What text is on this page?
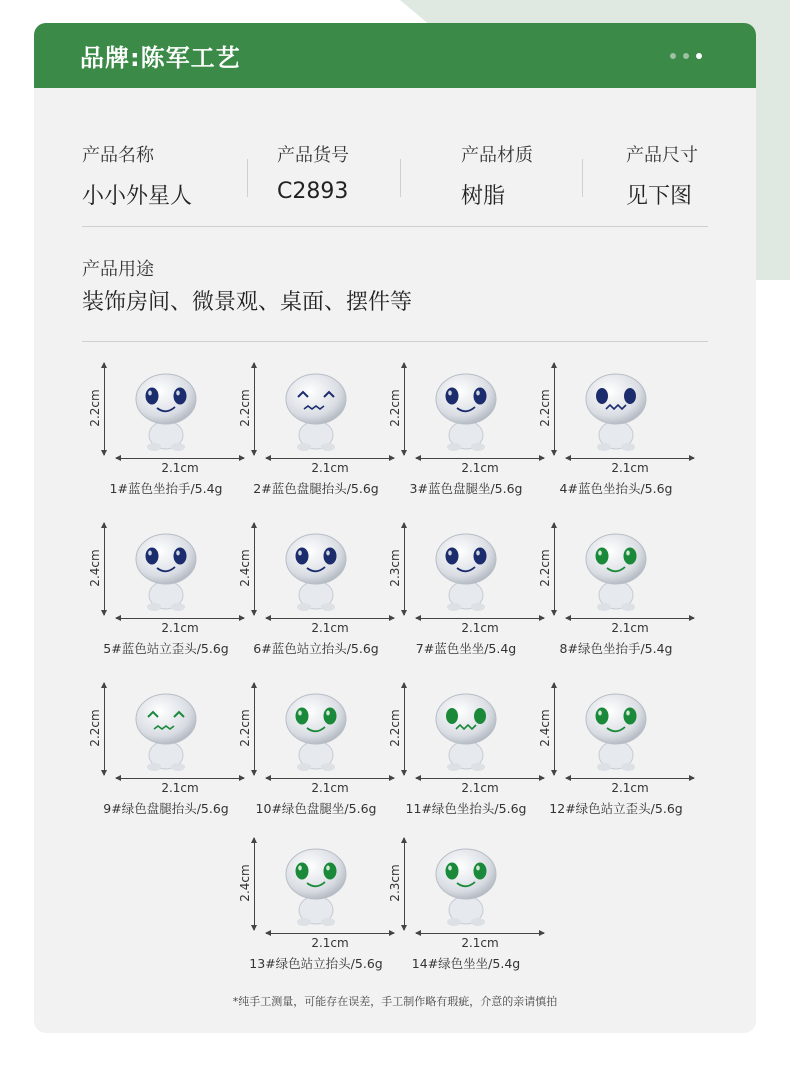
品牌:陈军工艺
产品名称
小小外星人
产品货号
C2893
产品材质
树脂
产品尺寸
见下图
产品用途
装饰房间、微景观、桌面、摆件等
2.2cm
2.1cm
1#蓝色坐抬手/5.4g
2.2cm
2.1cm
2#蓝色盘腿抬头/5.6g
2.2cm
2.1cm
3#蓝色盘腿坐/5.6g
2.2cm
2.1cm
4#蓝色坐抬头/5.6g
2.4cm
2.1cm
5#蓝色站立歪头/5.6g
2.4cm
2.1cm
6#蓝色站立抬头/5.6g
2.3cm
2.1cm
7#蓝色坐坐/5.4g
2.2cm
2.1cm
8#绿色坐抬手/5.4g
2.2cm
2.1cm
9#绿色盘腿抬头/5.6g
2.2cm
2.1cm
10#绿色盘腿坐/5.6g
2.2cm
2.1cm
11#绿色坐抬头/5.6g
2.4cm
2.1cm
12#绿色站立歪头/5.6g
2.4cm
2.1cm
13#绿色站立抬头/5.6g
2.3cm
2.1cm
14#绿色坐坐/5.4g
*纯手工测量，可能存在误差，手工制作略有瑕疵，介意的亲请慎拍
